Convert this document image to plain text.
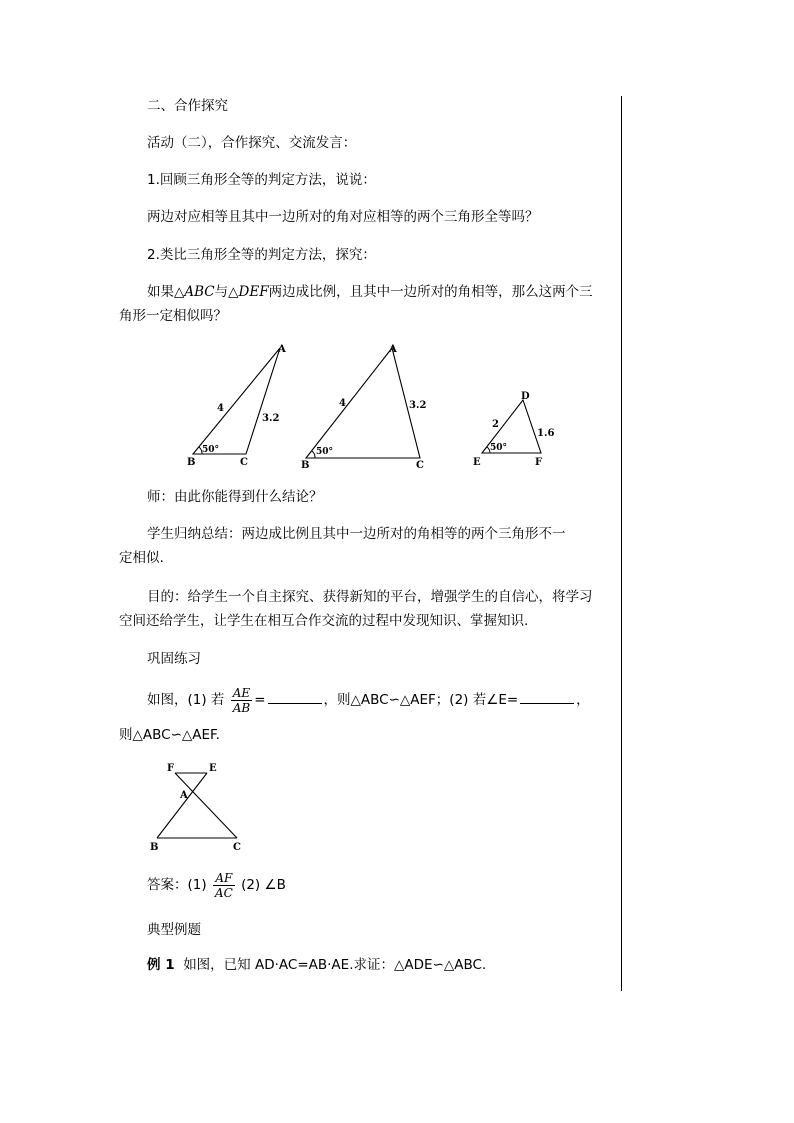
二、合作探究
活动（二），合作探究、交流发言：
1.回顾三角形全等的判定方法，说说：
两边对应相等且其中一边所对的角对应相等的两个三角形全等吗？
2.类比三角形全等的判定方法，探究：
如果△ABC与△DEF两边成比例，且其中一边所对的角相等，那么这两个三
角形一定相似吗？
A
B	C
4
3.2
50°
A
B	C
4	3.2
50°
D
E	F
2
1.6
50°
师：由此你能得到什么结论？
学生归纳总结：两边成比例且其中一边所对的角相等的两个三角形不一
定相似.
目的：给学生一个自主探究、获得新知的平台，增强学生的自信心，将学习
空间还给学生，让学生在相互合作交流的过程中发现知识、掌握知识.
巩固练习
如图，(1) 若 $\frac{AE}{AB}$ =	，则△ABC∽△AEF；(2) 若∠E=	，
则△ABC∽△AEF.
F	E
A
B	C
答案：$(1) \frac{AF}{AC} (2)$ ∠B
典型例题
例 1 如图，已知 AD·AC=AB·AE.求证：△ADE∽△ABC.
